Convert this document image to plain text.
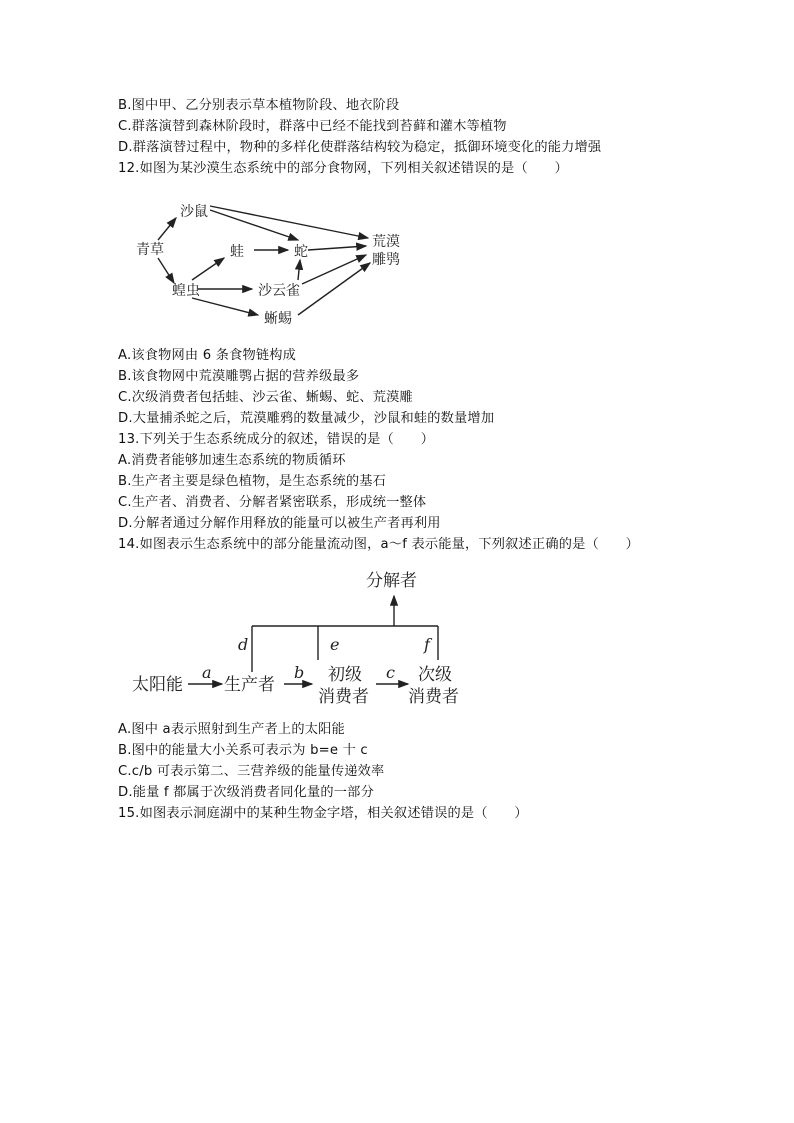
B.图中甲、乙分别表示草本植物阶段、地衣阶段
C.群落演替到森林阶段时，群落中已经不能找到苔藓和灌木等植物
D.群落演替过程中，物种的多样化使群落结构较为稳定，抵御环境变化的能力增强
12.如图为某沙漠生态系统中的部分食物网，下列相关叙述错误的是（　　）
青草
沙鼠
蛙	蛇
蝗虫	沙云雀
蜥蜴
荒漠
雕鸮
A.该食物网由 6 条食物链构成
B.该食物网中荒漠雕鹗占据的营养级最多
C.次级消费者包括蛙、沙云雀、蜥蜴、蛇、荒漠雕
D.大量捕杀蛇之后，荒漠雕鸦的数量减少，沙鼠和蛙的数量增加
13.下列关于生态系统成分的叙述，错误的是（　　）
A.消费者能够加速生态系统的物质循环
B.生产者主要是绿色植物，是生态系统的基石
C.生产者、消费者、分解者紧密联系，形成统一整体
D.分解者通过分解作用释放的能量可以被生产者再利用
14.如图表示生态系统中的部分能量流动图，a～f 表示能量，下列叙述正确的是（　　）
分解者
太阳能 生产者	初级
消费者
次级
消费者
a	b	c
d	e	f
A.图中 a表示照射到生产者上的太阳能
B.图中的能量大小关系可表示为 b=e 十 c
C.c/b 可表示第二、三营养级的能量传递效率
D.能量 f 都属于次级消费者同化量的一部分
15.如图表示洞庭湖中的某种生物金字塔，相关叙述错误的是（　　）
